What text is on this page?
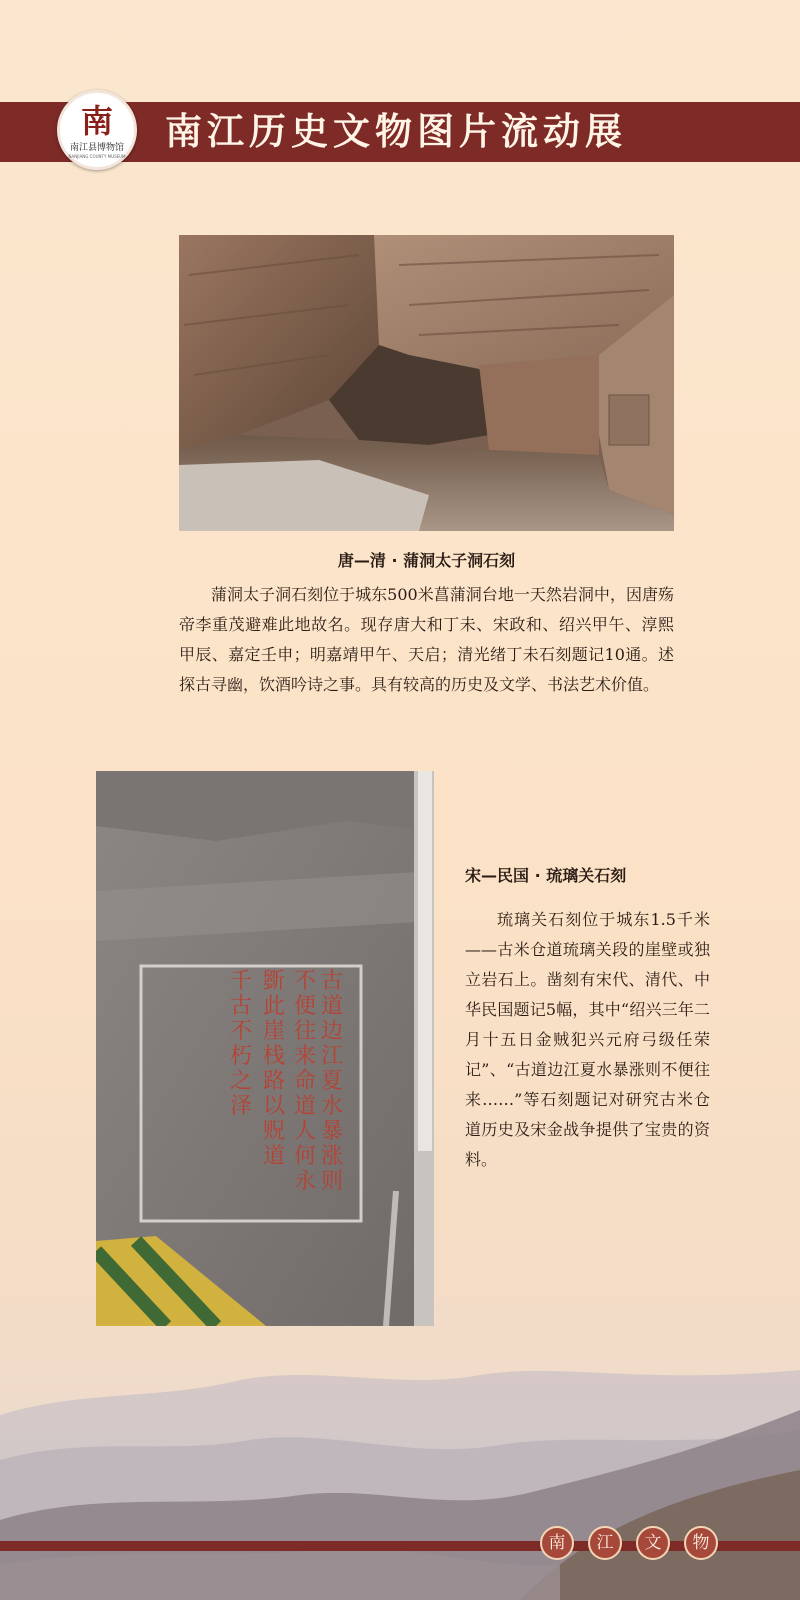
南江历史文物图片流动展
南
南江县博物馆
NANJIANG COUNTY MUSEUM
唐—清 · 蒲洞太子洞石刻
蒲洞太子洞石刻位于城东500米菖蒲洞台地一天然岩洞中，因唐殇帝李重茂避难此地故名。现存唐大和丁未、宋政和、绍兴甲午、淳熙甲辰、嘉定壬申；明嘉靖甲午、天启；清光绪丁未石刻题记10通。述探古寻幽，饮酒吟诗之事。具有较高的历史及文学、书法艺术价值。
古道边江夏水暴涨则
不便往来命道人何永
斵此崖栈路以贶道
千古不朽之泽
宋—民国 · 琉璃关石刻
琉璃关石刻位于城东1.5千米——古米仓道琉璃关段的崖壁或独立岩石上。凿刻有宋代、清代、中华民国题记5幅，其中“绍兴三年二月十五日金贼犯兴元府弓级任荣记”、“古道边江夏水暴涨则不便往来……”等石刻题记对研究古米仓道历史及宋金战争提供了宝贵的资料。
南	江	文	物
